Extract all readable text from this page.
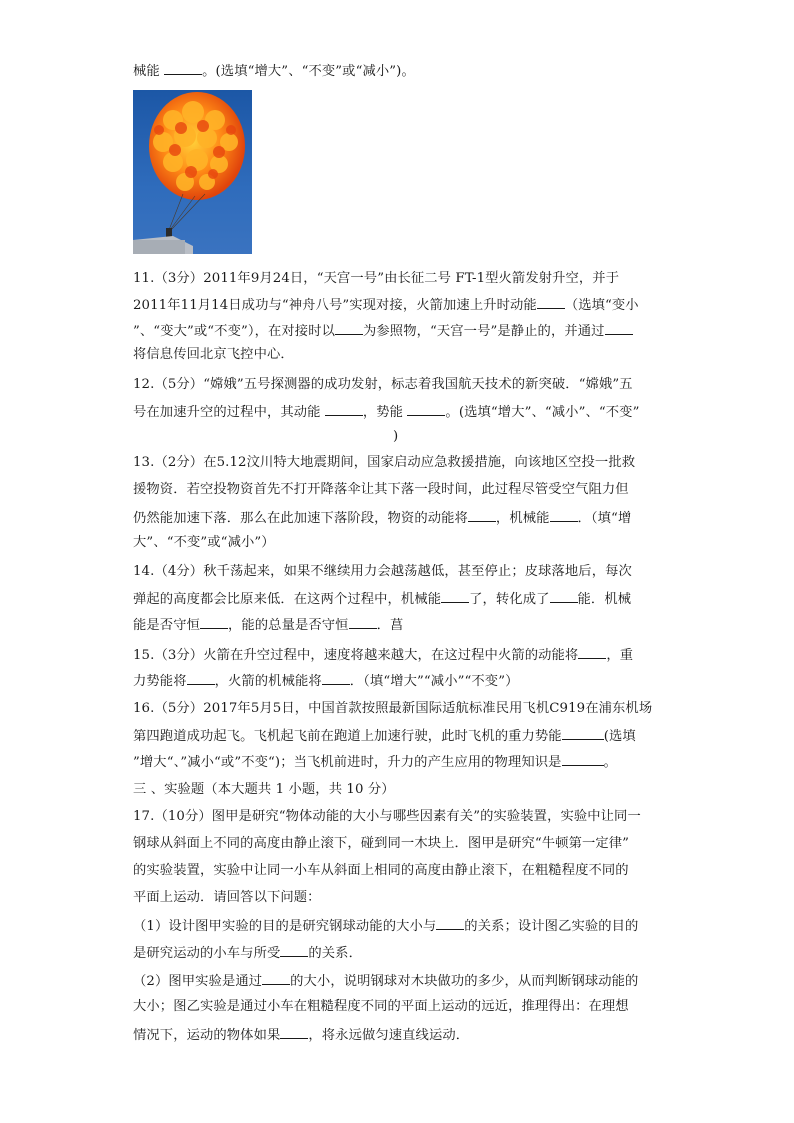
械能	。(选填“增大”、“不变”或“减小”)。
11.（3分）2011年9月24日，“天宫一号”由长征二号 FT-1型火箭发射升空，并于
2011年11月14日成功与“神舟八号”实现对接，火箭加速上升时动能 （选填“变小
”、“变大”或“不变”），在对接时以 为参照物，“天宫一号”是静止的，并通过
将信息传回北京飞控中心．
12.（5分）“嫦娥”五号探测器的成功发射，标志着我国航天技术的新突破．“嫦娥”五
号在加速升空的过程中，其动能	，势能	。(选填“增大”、“减小”、“不变”
)
13.（2分）在5.12汶川特大地震期间，国家启动应急救援措施，向该地区空投一批救
援物资．若空投物资首先不打开降落伞让其下落一段时间，此过程尽管受空气阻力但
仍然能加速下落．那么在此加速下落阶段，物资的动能将 ，机械能 ．（填“增
大”、“不变”或“减小”）
14.（4分）秋千荡起来，如果不继续用力会越荡越低，甚至停止；皮球落地后，每次
弹起的高度都会比原来低．在这两个过程中，机械能 了，转化成了 能．机械
能是否守恒 ，能的总量是否守恒 ．菖
15.（3分）火箭在升空过程中，速度将越来越大，在这过程中火箭的动能将 ，重
力势能将 ，火箭的机械能将 ．（填“增大”“减小”“不变”）
16.（5分）2017年5月5日，中国首款按照最新国际适航标准民用飞机C919在浦东机场
第四跑道成功起飞。飞机起飞前在跑道上加速行驶，此时飞机的重力势能	(选填
”增大“、”减小“或”不变“)；当飞机前进时，升力的产生应用的物理知识是	。
三 、实验题（本大题共 1 小题，共 10 分）
17.（10分）图甲是研究“物体动能的大小与哪些因素有关”的实验装置，实验中让同一
钢球从斜面上不同的高度由静止滚下，碰到同一木块上．图甲是研究“牛顿第一定律”
的实验装置，实验中让同一小车从斜面上相同的高度由静止滚下，在粗糙程度不同的
平面上运动．请回答以下问题：
（1）设计图甲实验的目的是研究钢球动能的大小与 的关系；设计图乙实验的目的
是研究运动的小车与所受 的关系．
（2）图甲实验是通过 的大小，说明钢球对木块做功的多少，从而判断钢球动能的
大小；图乙实验是通过小车在粗糙程度不同的平面上运动的远近，推理得出：在理想
情况下，运动的物体如果 ，将永远做匀速直线运动．
